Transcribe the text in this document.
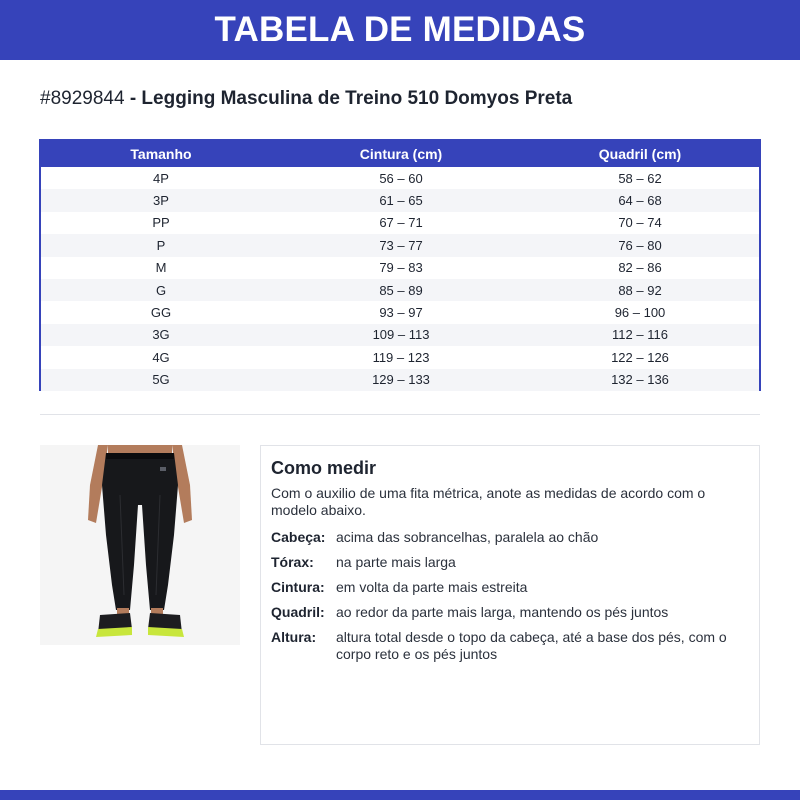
TABELA DE MEDIDAS
#8929844 - Legging Masculina de Treino 510 Domyos Preta
Tamanho	Cintura (cm)	Quadril (cm)
4P	56 – 60	58 – 62
3P	61 – 65	64 – 68
PP	67 – 71	70 – 74
P	73 – 77	76 – 80
M	79 – 83	82 – 86
G	85 – 89	88 – 92
GG	93 – 97	96 – 100
3G	109 – 113	112 – 116
4G	119 – 123	122 – 126
5G	129 – 133	132 – 136
Como medir

Com o auxilio de uma fita métrica, anote as medidas de acordo com o modelo abaixo.

Cabeça: acima das sobrancelhas, paralela ao chão
Tórax:	na parte mais larga
Cintura: em volta da parte mais estreita
Quadril: ao redor da parte mais larga, mantendo os pés juntos
Altura:	altura total desde o topo da cabeça, até a base dos pés, com o corpo reto e os pés juntos
